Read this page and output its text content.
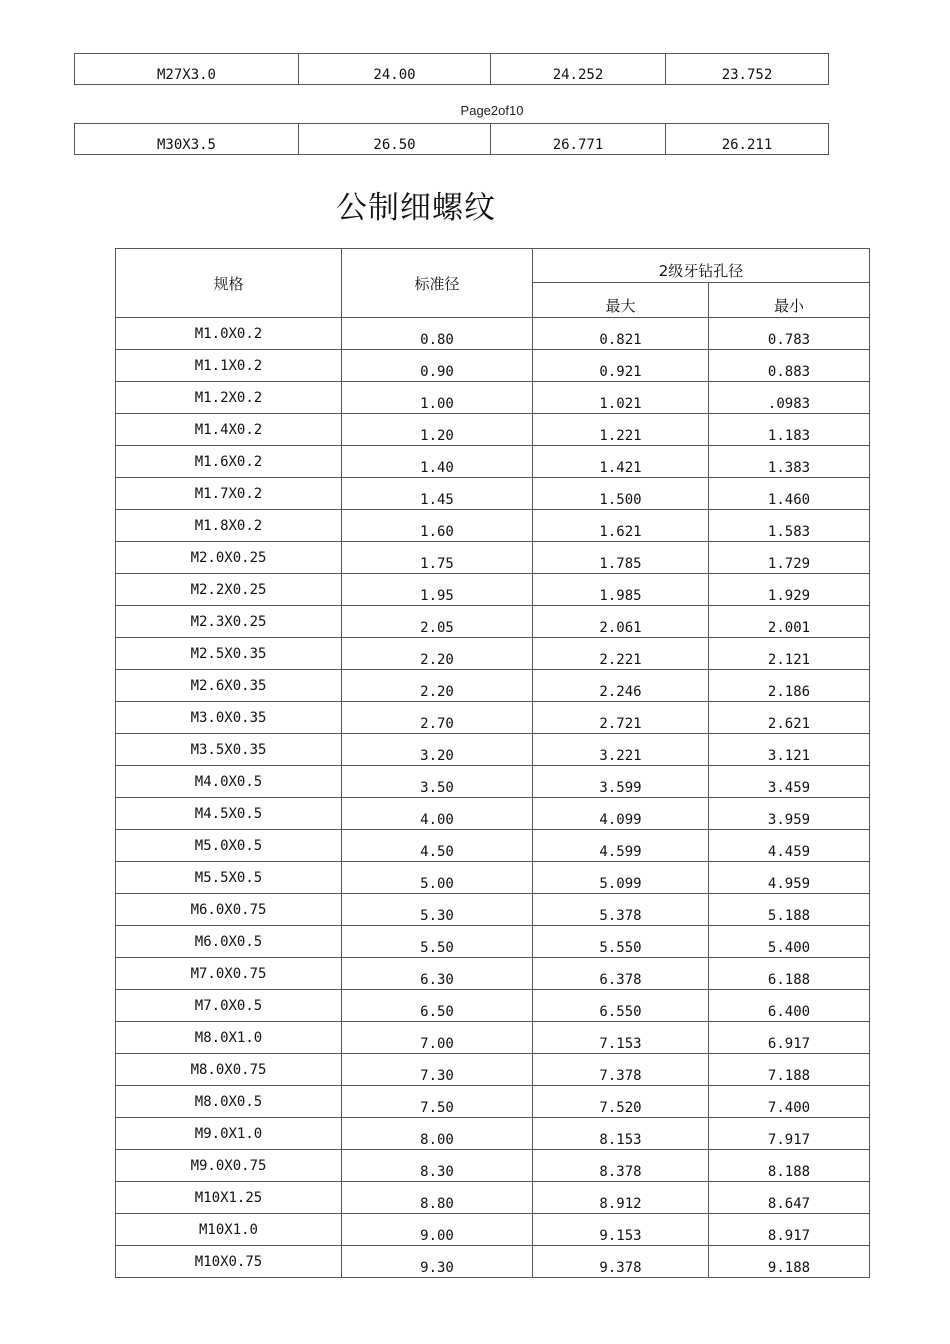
M27X3.0	24.00	24.252	23.752
Page2of10
M30X3.5	26.50	26.771	26.211
公制细螺纹
规格	标准径	2级牙钻孔径	
		最大	最小
M1.0X0.2	0.80	0.821	0.783
M1.1X0.2	0.90	0.921	0.883
M1.2X0.2	1.00	1.021	.0983
M1.4X0.2	1.20	1.221	1.183
M1.6X0.2	1.40	1.421	1.383
M1.7X0.2	1.45	1.500	1.460
M1.8X0.2	1.60	1.621	1.583
M2.0X0.25	1.75	1.785	1.729
M2.2X0.25	1.95	1.985	1.929
M2.3X0.25	2.05	2.061	2.001
M2.5X0.35	2.20	2.221	2.121
M2.6X0.35	2.20	2.246	2.186
M3.0X0.35	2.70	2.721	2.621
M3.5X0.35	3.20	3.221	3.121
M4.0X0.5	3.50	3.599	3.459
M4.5X0.5	4.00	4.099	3.959
M5.0X0.5	4.50	4.599	4.459
M5.5X0.5	5.00	5.099	4.959
M6.0X0.75	5.30	5.378	5.188
M6.0X0.5	5.50	5.550	5.400
M7.0X0.75	6.30	6.378	6.188
M7.0X0.5	6.50	6.550	6.400
M8.0X1.0	7.00	7.153	6.917
M8.0X0.75	7.30	7.378	7.188
M8.0X0.5	7.50	7.520	7.400
M9.0X1.0	8.00	8.153	7.917
M9.0X0.75	8.30	8.378	8.188
M10X1.25	8.80	8.912	8.647
M10X1.0	9.00	9.153	8.917
M10X0.75	9.30	9.378	9.188
